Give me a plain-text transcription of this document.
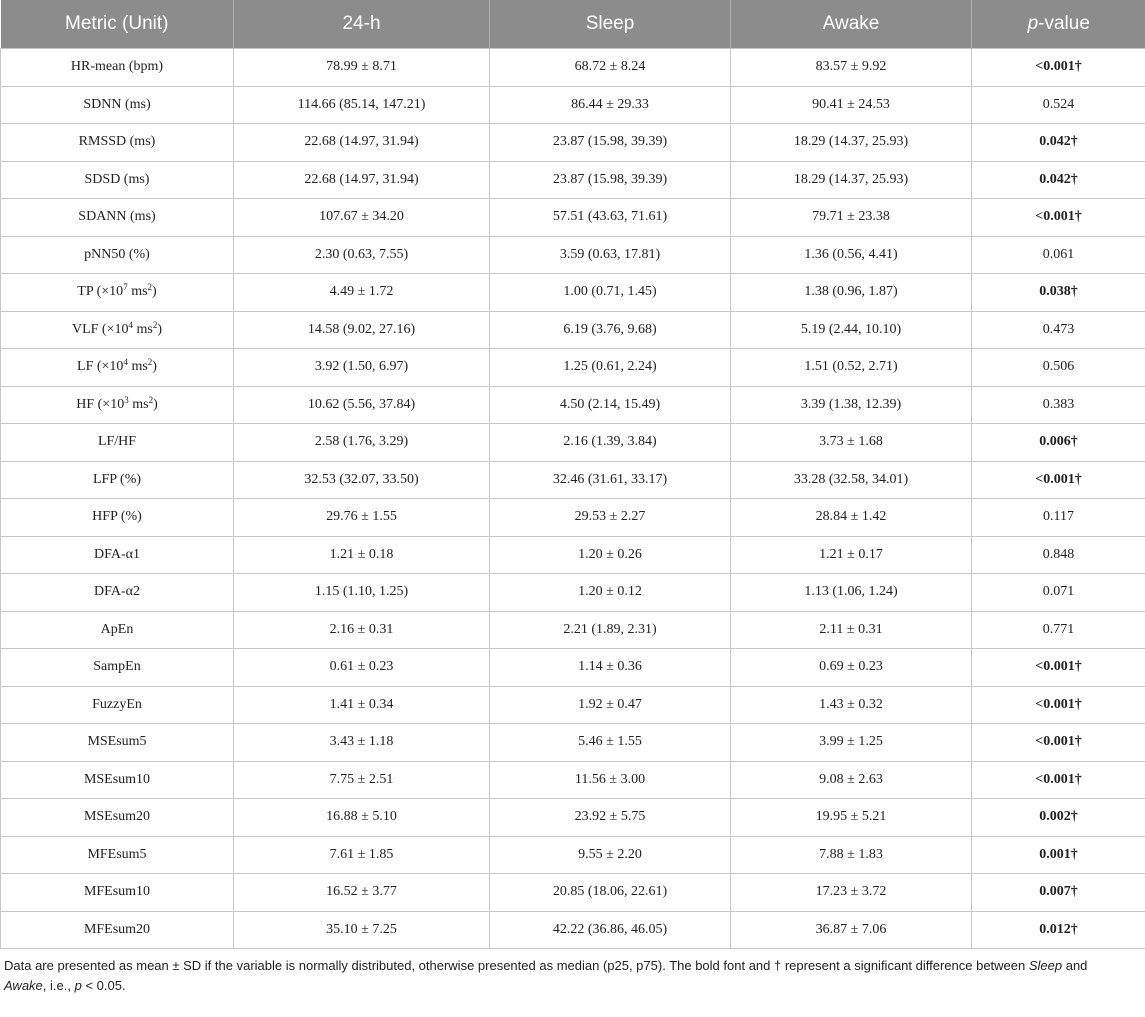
Metric (Unit)	24-h	Sleep	Awake	p-value
HR-mean (bpm)	78.99 ± 8.71	68.72 ± 8.24	83.57 ± 9.92	<0.001†
SDNN (ms)	114.66 (85.14, 147.21)	86.44 ± 29.33	90.41 ± 24.53	0.524
RMSSD (ms)	22.68 (14.97, 31.94)	23.87 (15.98, 39.39)	18.29 (14.37, 25.93)	0.042†
SDSD (ms)	22.68 (14.97, 31.94)	23.87 (15.98, 39.39)	18.29 (14.37, 25.93)	0.042†
SDANN (ms)	107.67 ± 34.20	57.51 (43.63, 71.61)	79.71 ± 23.38	<0.001†
pNN50 (%)	2.30 (0.63, 7.55)	3.59 (0.63, 17.81)	1.36 (0.56, 4.41)	0.061
TP ($\times 10^7$ $ms^2$)	4.49 ± 1.72	1.00 (0.71, 1.45)	1.38 (0.96, 1.87)	0.038†
VLF ($\times 10^4$ $ms^2$)	14.58 (9.02, 27.16)	6.19 (3.76, 9.68)	5.19 (2.44, 10.10)	0.473
LF ($\times 10^4$ $ms^2$)	3.92 (1.50, 6.97)	1.25 (0.61, 2.24)	1.51 (0.52, 2.71)	0.506
HF ($\times 10^3$ $ms^2$)	10.62 (5.56, 37.84)	4.50 (2.14, 15.49)	3.39 (1.38, 12.39)	0.383
LF/HF	2.58 (1.76, 3.29)	2.16 (1.39, 3.84)	3.73 ± 1.68	0.006†
LFP (%)	32.53 (32.07, 33.50)	32.46 (31.61, 33.17)	33.28 (32.58, 34.01)	<0.001†
HFP (%)	29.76 ± 1.55	29.53 ± 2.27	28.84 ± 1.42	0.117
DFA-α1	1.21 ± 0.18	1.20 ± 0.26	1.21 ± 0.17	0.848
DFA-α2	1.15 (1.10, 1.25)	1.20 ± 0.12	1.13 (1.06, 1.24)	0.071
ApEn	2.16 ± 0.31	2.21 (1.89, 2.31)	2.11 ± 0.31	0.771
SampEn	0.61 ± 0.23	1.14 ± 0.36	0.69 ± 0.23	<0.001†
FuzzyEn	1.41 ± 0.34	1.92 ± 0.47	1.43 ± 0.32	<0.001†
MSEsum5	3.43 ± 1.18	5.46 ± 1.55	3.99 ± 1.25	<0.001†
MSEsum10	7.75 ± 2.51	11.56 ± 3.00	9.08 ± 2.63	<0.001†
MSEsum20	16.88 ± 5.10	23.92 ± 5.75	19.95 ± 5.21	0.002†
MFEsum5	7.61 ± 1.85	9.55 ± 2.20	7.88 ± 1.83	0.001†
MFEsum10	16.52 ± 3.77	20.85 (18.06, 22.61)	17.23 ± 3.72	0.007†
MFEsum20	35.10 ± 7.25	42.22 (36.86, 46.05)	36.87 ± 7.06	0.012†
Data are presented as mean ± SD if the variable is normally distributed, otherwise presented as median (p25, p75). The bold font and † represent a significant difference between Sleep and Awake, i.e., p < 0.05.
